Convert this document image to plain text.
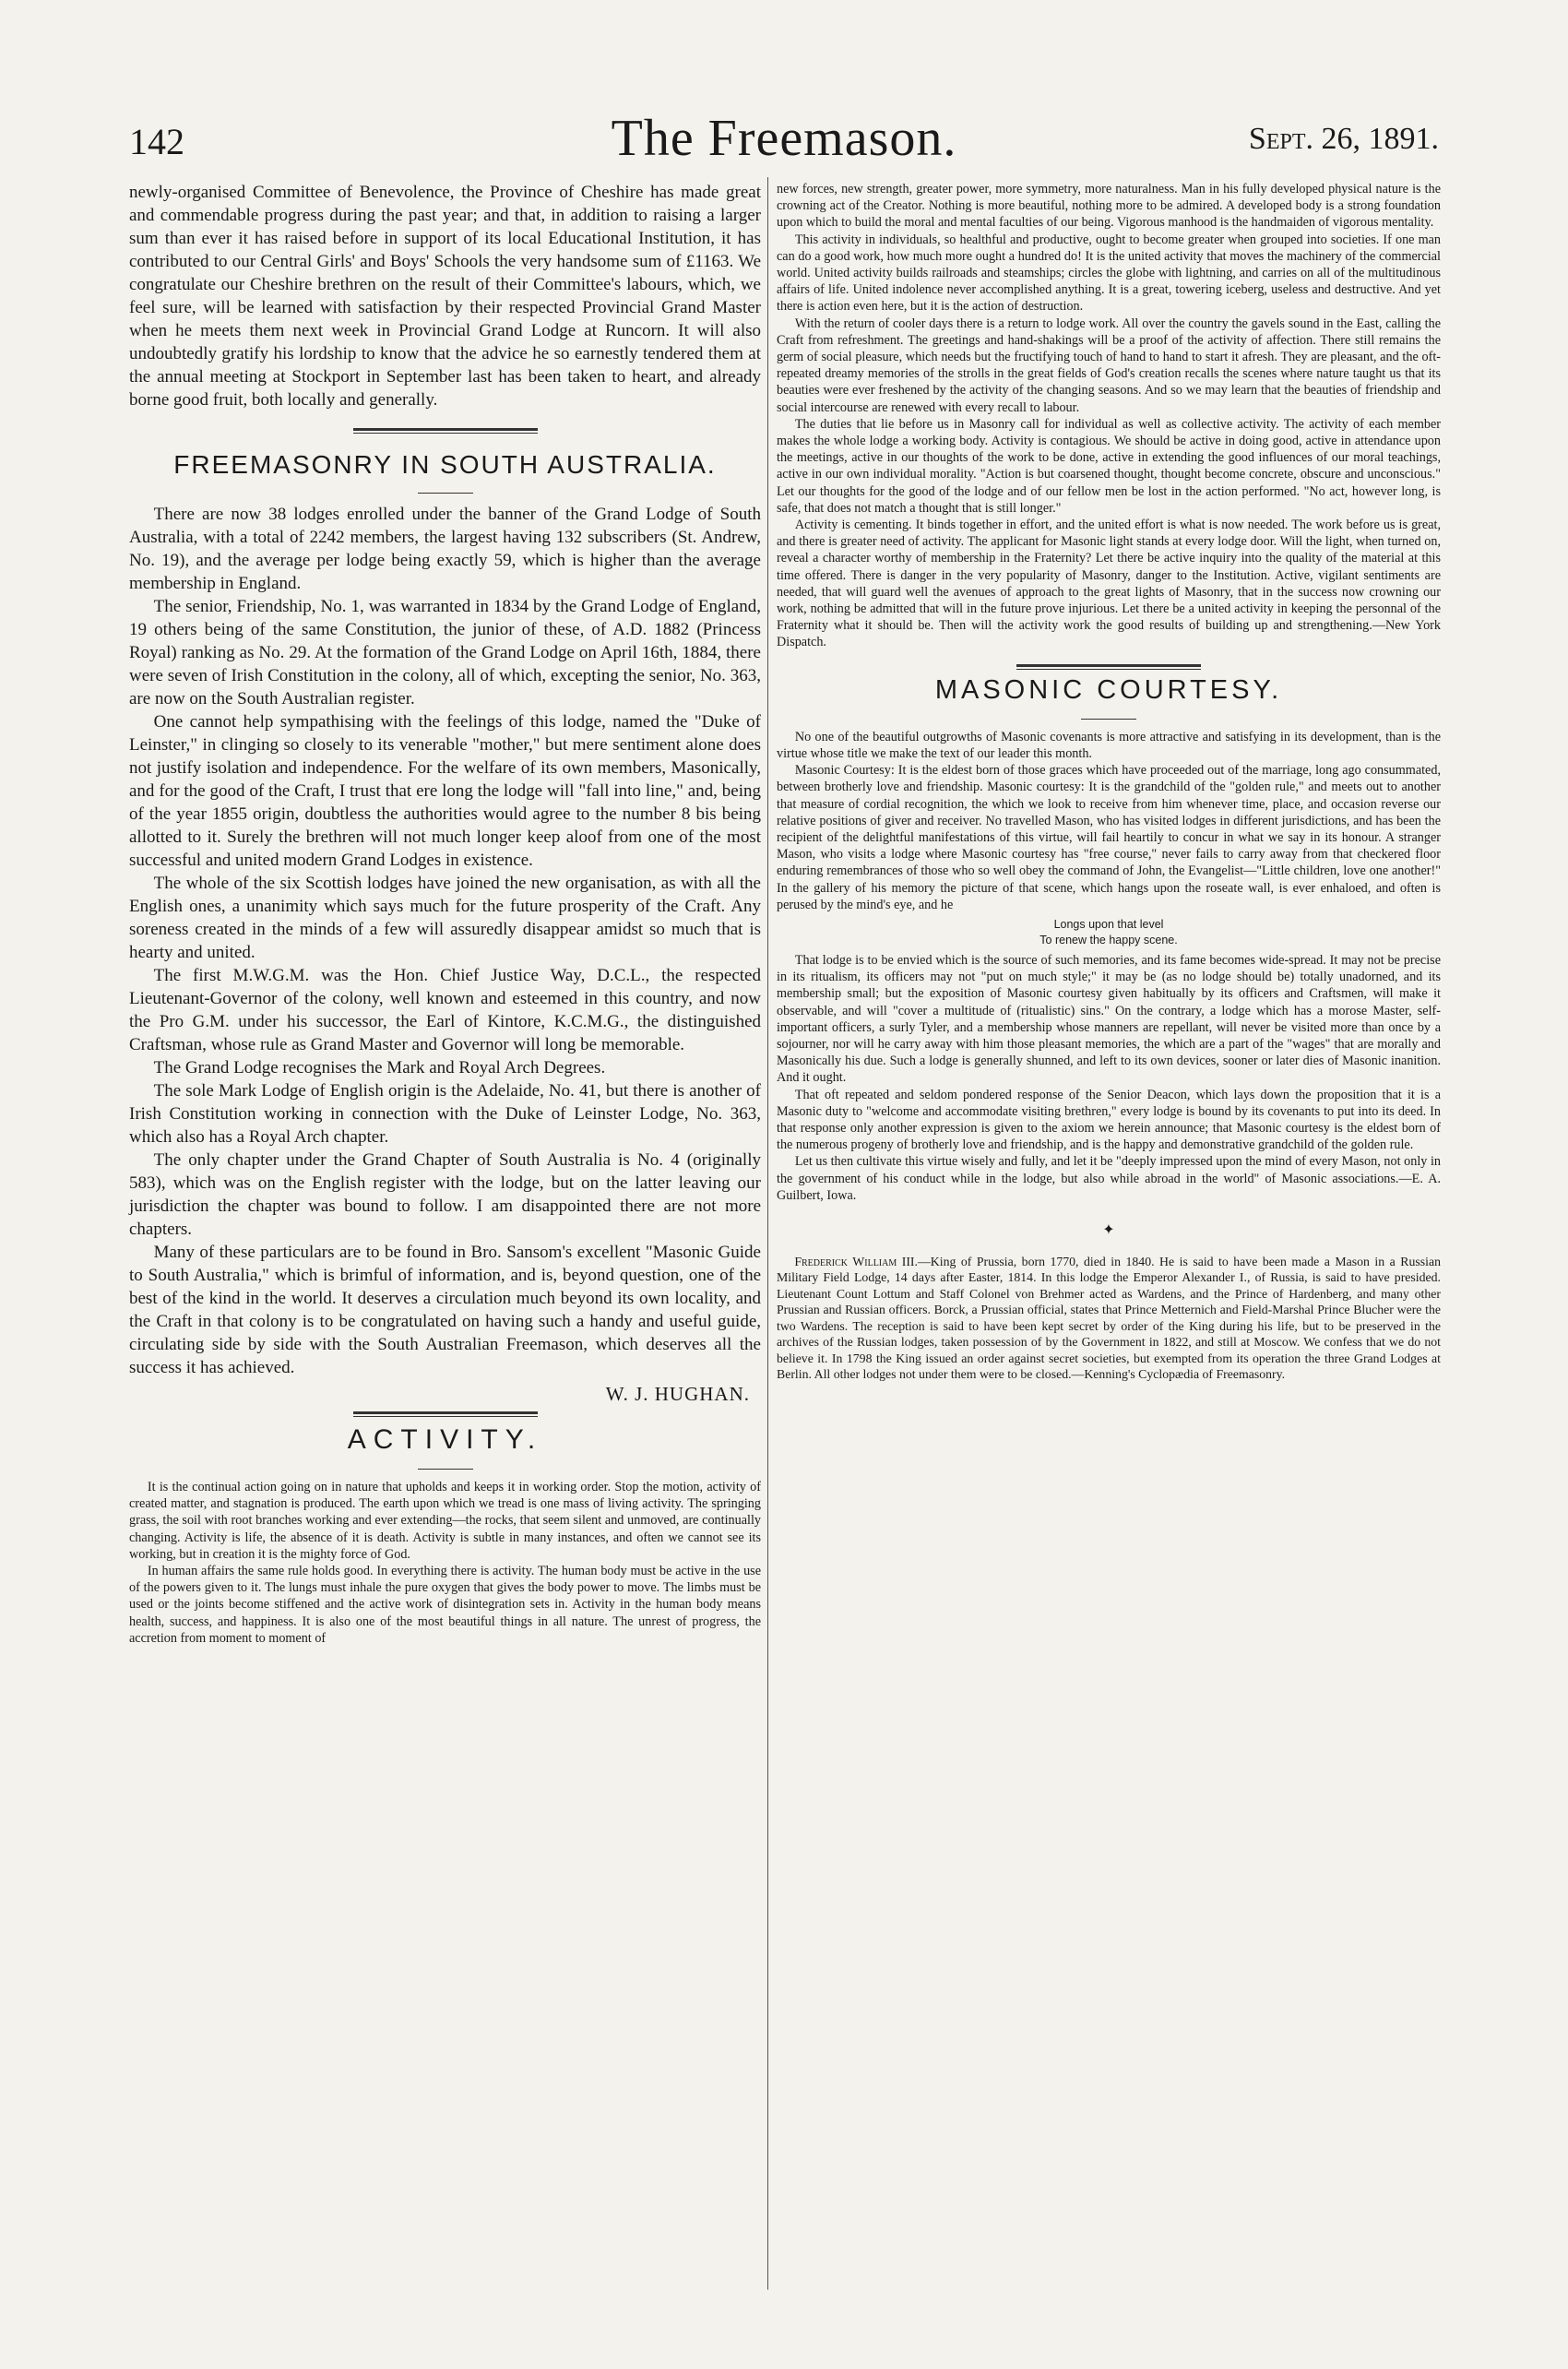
142	The Freemason.	Sept. 26, 1891.

newly-organised Committee of Benevolence, the Province of Cheshire has made great and commendable progress during the past year; and that, in addition to raising a larger sum than ever it has raised before in support of its local Educational Institution, it has contributed to our Central Girls' and Boys' Schools the very handsome sum of £1163. We congratulate our Cheshire brethren on the result of their Committee's labours, which, we feel sure, will be learned with satisfaction by their respected Provincial Grand Master when he meets them next week in Provincial Grand Lodge at Runcorn. It will also undoubtedly gratify his lordship to know that the advice he so earnestly tendered them at the annual meeting at Stockport in September last has been taken to heart, and already borne good fruit, both locally and generally.

FREEMASONRY IN SOUTH AUSTRALIA.

There are now 38 lodges enrolled under the banner of the Grand Lodge of South Australia, with a total of 2242 members, the largest having 132 subscribers (St. Andrew, No. 19), and the average per lodge being exactly 59, which is higher than the average membership in England.

The senior, Friendship, No. 1, was warranted in 1834 by the Grand Lodge of England, 19 others being of the same Constitution, the junior of these, of A.D. 1882 (Princess Royal) ranking as No. 29. At the formation of the Grand Lodge on April 16th, 1884, there were seven of Irish Constitution in the colony, all of which, excepting the senior, No. 363, are now on the South Australian register.

One cannot help sympathising with the feelings of this lodge, named the "Duke of Leinster," in clinging so closely to its venerable "mother," but mere sentiment alone does not justify isolation and independence. For the welfare of its own members, Masonically, and for the good of the Craft, I trust that ere long the lodge will "fall into line," and, being of the year 1855 origin, doubtless the authorities would agree to the number 8 bis being allotted to it. Surely the brethren will not much longer keep aloof from one of the most successful and united modern Grand Lodges in existence.

The whole of the six Scottish lodges have joined the new organisation, as with all the English ones, a unanimity which says much for the future prosperity of the Craft. Any soreness created in the minds of a few will assuredly disappear amidst so much that is hearty and united.

The first M.W.G.M. was the Hon. Chief Justice Way, D.C.L., the respected Lieutenant-Governor of the colony, well known and esteemed in this country, and now the Pro G.M. under his successor, the Earl of Kintore, K.C.M.G., the distinguished Craftsman, whose rule as Grand Master and Governor will long be memorable.

The Grand Lodge recognises the Mark and Royal Arch Degrees.

The sole Mark Lodge of English origin is the Adelaide, No. 41, but there is another of Irish Constitution working in connection with the Duke of Leinster Lodge, No. 363, which also has a Royal Arch chapter.

The only chapter under the Grand Chapter of South Australia is No. 4 (originally 583), which was on the English register with the lodge, but on the latter leaving our jurisdiction the chapter was bound to follow. I am disappointed there are not more chapters.

Many of these particulars are to be found in Bro. Sansom's excellent "Masonic Guide to South Australia," which is brimful of information, and is, beyond question, one of the best of the kind in the world. It deserves a circulation much beyond its own locality, and the Craft in that colony is to be congratulated on having such a handy and useful guide, circulating side by side with the South Australian Freemason, which deserves all the success it has achieved.

W. J. HUGHAN.
ACTIVITY.

It is the continual action going on in nature that upholds and keeps it in working order. Stop the motion, activity of created matter, and stagnation is produced. The earth upon which we tread is one mass of living activity. The springing grass, the soil with root branches working and ever extending—the rocks, that seem silent and unmoved, are continually changing. Activity is life, the absence of it is death. Activity is subtle in many instances, and often we cannot see its working, but in creation it is the mighty force of God.

In human affairs the same rule holds good. In everything there is activity. The human body must be active in the use of the powers given to it. The lungs must inhale the pure oxygen that gives the body power to move. The limbs must be used or the joints become stiffened and the active work of disintegration sets in. Activity in the human body means health, success, and happiness. It is also one of the most beautiful things in all nature. The unrest of progress, the accretion from moment to moment of

new forces, new strength, greater power, more symmetry, more naturalness. Man in his fully developed physical nature is the crowning act of the Creator. Nothing is more beautiful, nothing more to be admired. A developed body is a strong foundation upon which to build the moral and mental faculties of our being. Vigorous manhood is the handmaiden of vigorous mentality.

This activity in individuals, so healthful and productive, ought to become greater when grouped into societies. If one man can do a good work, how much more ought a hundred do! It is the united activity that moves the machinery of the commercial world. United activity builds railroads and steamships; circles the globe with lightning, and carries on all of the multitudinous affairs of life. United indolence never accomplished anything. It is a great, towering iceberg, useless and destructive. And yet there is action even here, but it is the action of destruction.

With the return of cooler days there is a return to lodge work. All over the country the gavels sound in the East, calling the Craft from refreshment. The greetings and hand-shakings will be a proof of the activity of affection. There still remains the germ of social pleasure, which needs but the fructifying touch of hand to hand to start it afresh. They are pleasant, and the oft-repeated dreamy memories of the strolls in the great fields of God's creation recalls the scenes where nature taught us that its beauties were ever freshened by the activity of the changing seasons. And so we may learn that the beauties of friendship and social intercourse are renewed with every recall to labour.

The duties that lie before us in Masonry call for individual as well as collective activity. The activity of each member makes the whole lodge a working body. Activity is contagious. We should be active in doing good, active in attendance upon the meetings, active in our thoughts of the work to be done, active in extending the good influences of our moral teachings, active in our own individual morality. "Action is but coarsened thought, thought become concrete, obscure and unconscious." Let our thoughts for the good of the lodge and of our fellow men be lost in the action performed. "No act, however long, is safe, that does not match a thought that is still longer."

Activity is cementing. It binds together in effort, and the united effort is what is now needed. The work before us is great, and there is greater need of activity. The applicant for Masonic light stands at every lodge door. Will the light, when turned on, reveal a character worthy of membership in the Fraternity? Let there be active inquiry into the quality of the material at this time offered. There is danger in the very popularity of Masonry, danger to the Institution. Active, vigilant sentiments are needed, that will guard well the avenues of approach to the great lights of Masonry, that in the success now crowning our work, nothing be admitted that will in the future prove injurious. Let there be a united activity in keeping the personnal of the Fraternity what it should be. Then will the activity work the good results of building up and strengthening.—New York Dispatch.

MASONIC COURTESY.

No one of the beautiful outgrowths of Masonic covenants is more attractive and satisfying in its development, than is the virtue whose title we make the text of our leader this month.

Masonic Courtesy: It is the eldest born of those graces which have proceeded out of the marriage, long ago consummated, between brotherly love and friendship. Masonic courtesy: It is the grandchild of the "golden rule," and meets out to another that measure of cordial recognition, the which we look to receive from him whenever time, place, and occasion reverse our relative positions of giver and receiver. No travelled Mason, who has visited lodges in different jurisdictions, and has been the recipient of the delightful manifestations of this virtue, will fail heartily to concur in what we say in its honour. A stranger Mason, who visits a lodge where Masonic courtesy has "free course," never fails to carry away from that checkered floor enduring remembrances of those who so well obey the command of John, the Evangelist—"Little children, love one another!" In the gallery of his memory the picture of that scene, which hangs upon the roseate wall, is ever enhaloed, and often is perused by the mind's eye, and he

Longs upon that level
To renew the happy scene.

That lodge is to be envied which is the source of such memories, and its fame becomes wide-spread. It may not be precise in its ritualism, its officers may not "put on much style;" it may be (as no lodge should be) totally unadorned, and its membership small; but the exposition of Masonic courtesy given habitually by its officers and Craftsmen, will make it observable, and will "cover a multitude of (ritualistic) sins." On the contrary, a lodge which has a morose Master, self-important officers, a surly Tyler, and a membership whose manners are repellant, will never be visited more than once by a sojourner, nor will he carry away with him those pleasant memories, the which are a part of the "wages" that are morally and Masonically his due. Such a lodge is generally shunned, and left to its own devices, sooner or later dies of Masonic inanition. And it ought.

That oft repeated and seldom pondered response of the Senior Deacon, which lays down the proposition that it is a Masonic duty to "welcome and accommodate visiting brethren," every lodge is bound by its covenants to put into its deed. In that response only another expression is given to the axiom we herein announce; that Masonic courtesy is the eldest born of the numerous progeny of brotherly love and friendship, and is the happy and demonstrative grandchild of the golden rule.

Let us then cultivate this virtue wisely and fully, and let it be "deeply impressed upon the mind of every Mason, not only in the government of his conduct while in the lodge, but also while abroad in the world" of Masonic associations.—E. A. Guilbert, Iowa.

✦

Frederick William III.—King of Prussia, born 1770, died in 1840. He is said to have been made a Mason in a Russian Military Field Lodge, 14 days after Easter, 1814. In this lodge the Emperor Alexander I., of Russia, is said to have presided. Lieutenant Count Lottum and Staff Colonel von Brehmer acted as Wardens, and the Prince of Hardenberg, and many other Prussian and Russian officers. Borck, a Prussian official, states that Prince Metternich and Field-Marshal Prince Blucher were the two Wardens. The reception is said to have been kept secret by order of the King during his life, but to be preserved in the archives of the Russian lodges, taken possession of by the Government in 1822, and still at Moscow. We confess that we do not believe it. In 1798 the King issued an order against secret societies, but exempted from its operation the three Grand Lodges at Berlin. All other lodges not under them were to be closed.—Kenning's Cyclopædia of Freemasonry.
